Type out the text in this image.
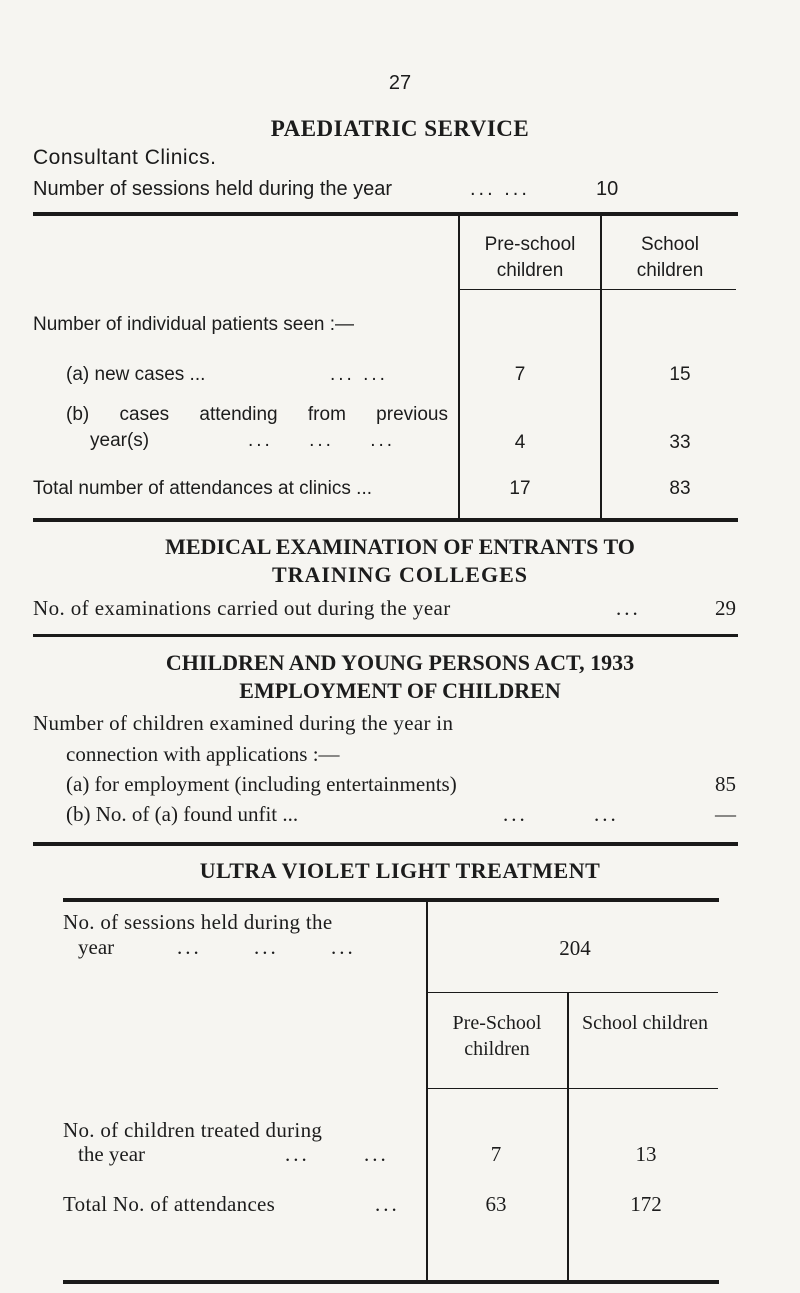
27
PAEDIATRIC SERVICE
Consultant Clinics.
Number of sessions held during the year	... ...	10
Pre-school children
School children
Number of individual patients seen :—
(a) new cases ...	... ...	7	15
(b) cases attending from previous
year(s)	... ... ...	4	33
Total number of attendances at clinics ...	17	83
MEDICAL EXAMINATION OF ENTRANTS TO
TRAINING COLLEGES
No. of examinations carried out during the year	...	29
CHILDREN AND YOUNG PERSONS ACT, 1933
EMPLOYMENT OF CHILDREN
Number of children examined during the year in
connection with applications :—
(a) for employment (including entertainments)	85
(b) No. of (a) found unfit ...	... ...	—
ULTRA VIOLET LIGHT TREATMENT
No. of sessions held during the
year	... ... ...	204
Pre-School children
School children
No. of children treated during
the year	... ...	7	13
Total No. of attendances	...	63	172
